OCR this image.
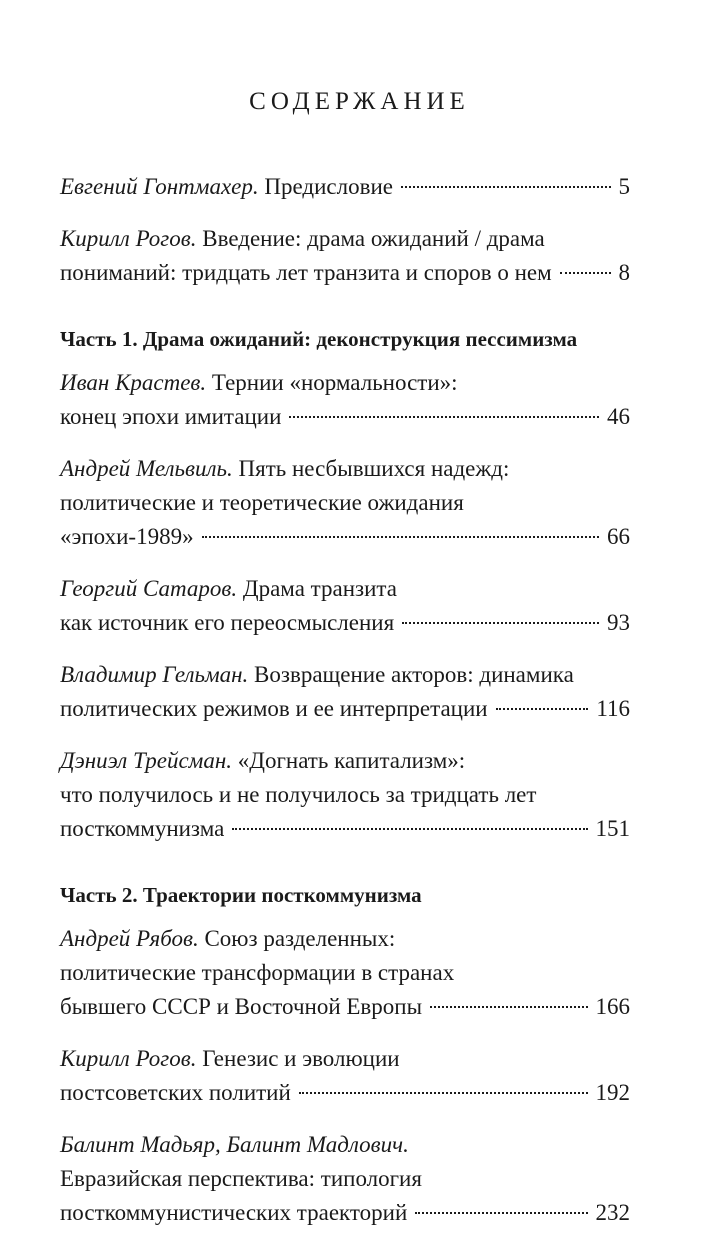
СОДЕРЖАНИЕ
Евгений Гонтмахер. Предисловие	5
Кирилл Рогов. Введение: драма ожиданий / драма
пониманий: тридцать лет транзита и споров о нем	8
Часть 1. Драма ожиданий: деконструкция пессимизма
Иван Крастев. Тернии «нормальности»:
конец эпохи имитации	46
Андрей Мельвиль. Пять несбывшихся надежд:
политические и теоретические ожидания
«эпохи-1989»	66
Георгий Сатаров. Драма транзита
как источник его переосмысления	93
Владимир Гельман. Возвращение акторов: динамика
политических режимов и ее интерпретации	116
Дэниэл Трейсман. «Догнать капитализм»:
что получилось и не получилось за тридцать лет
посткоммунизма	151
Часть 2. Траектории посткоммунизма
Андрей Рябов. Союз разделенных:
политические трансформации в странах
бывшего СССР и Восточной Европы	166
Кирилл Рогов. Генезис и эволюции
постсоветских политий	192
Балинт Мадьяр, Балинт Мадлович.
Евразийская перспектива: типология
посткоммунистических траекторий	232
